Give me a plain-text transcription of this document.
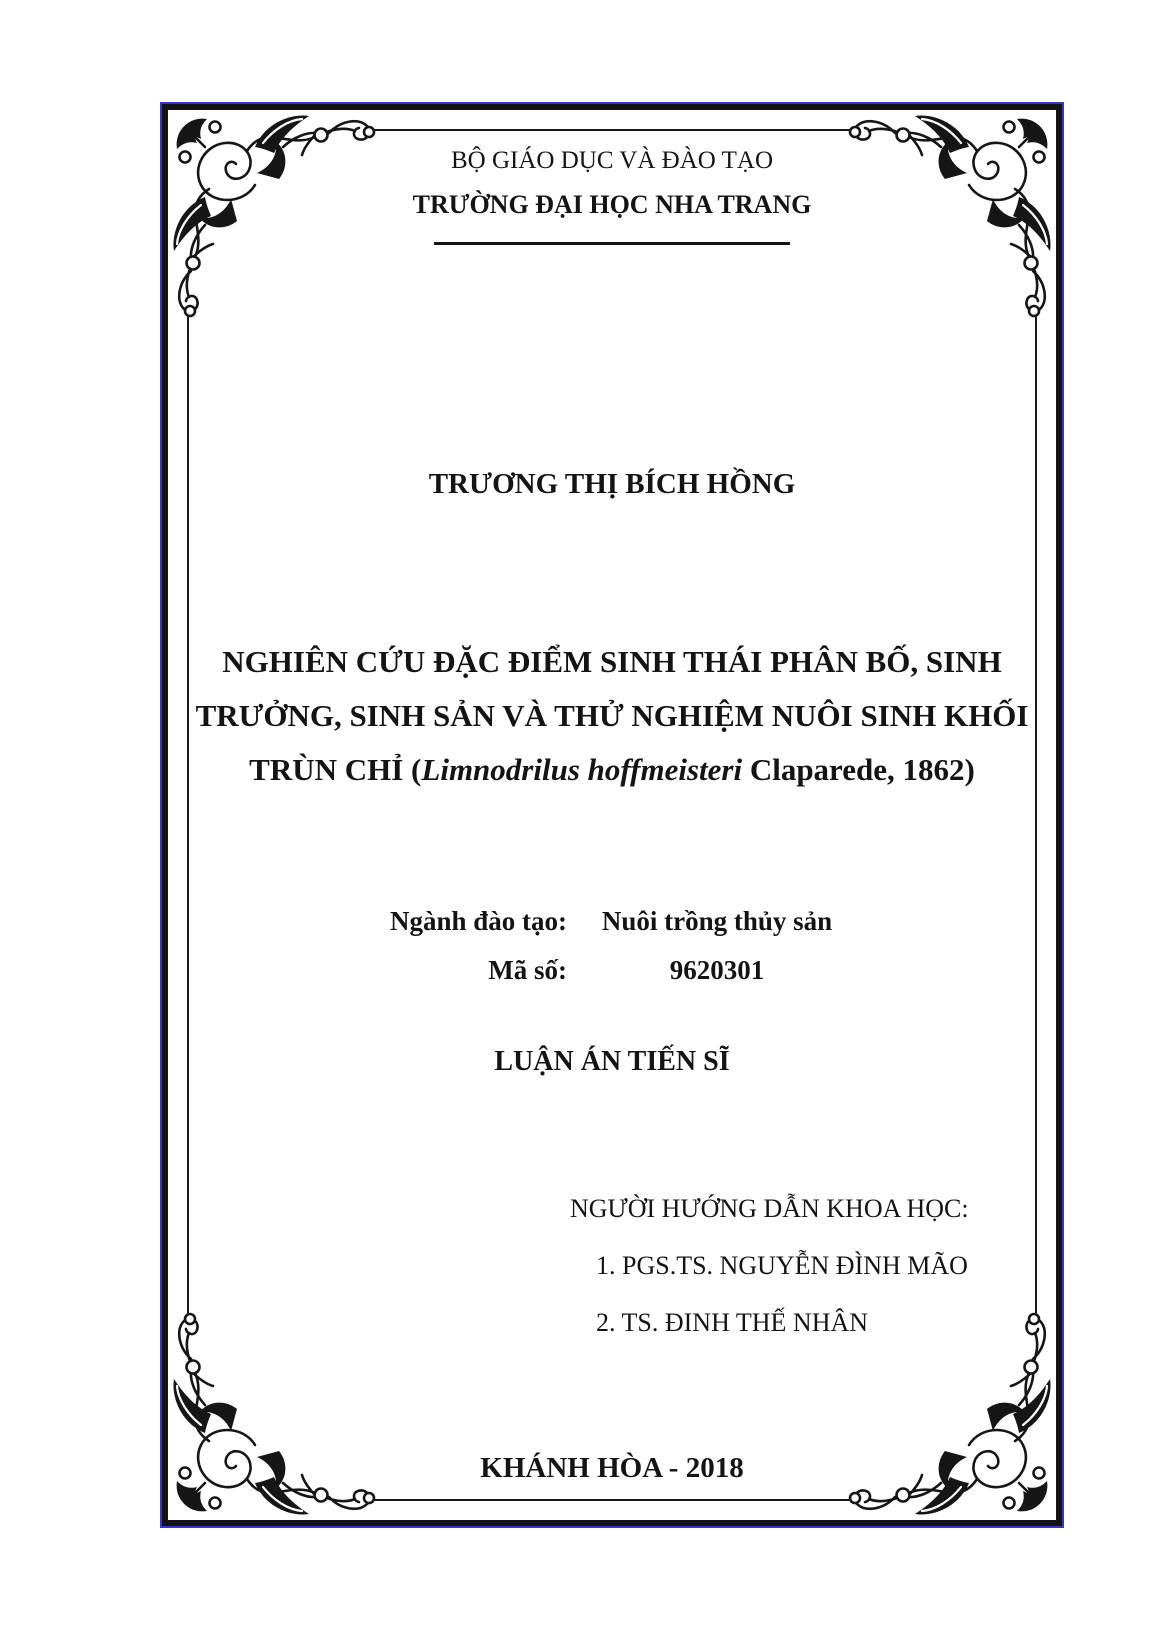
BỘ GIÁO DỤC VÀ ĐÀO TẠO
TRƯỜNG ĐẠI HỌC NHA TRANG
TRƯƠNG THỊ BÍCH HỒNG
NGHIÊN CỨU ĐẶC ĐIỂM SINH THÁI PHÂN BỐ, SINH
TRƯỞNG, SINH SẢN VÀ THỬ NGHIỆM NUÔI SINH KHỐI
TRÙN CHỈ (Limnodrilus hoffmeisteri Claparede, 1862)
Ngành đào tạo:	Nuôi trồng thủy sản
Mã số:	9620301
LUẬN ÁN TIẾN SĨ
NGƯỜI HƯỚNG DẪN KHOA HỌC:
1. PGS.TS. NGUYỄN ĐÌNH MÃO
2. TS. ĐINH THẾ NHÂN
KHÁNH HÒA - 2018
